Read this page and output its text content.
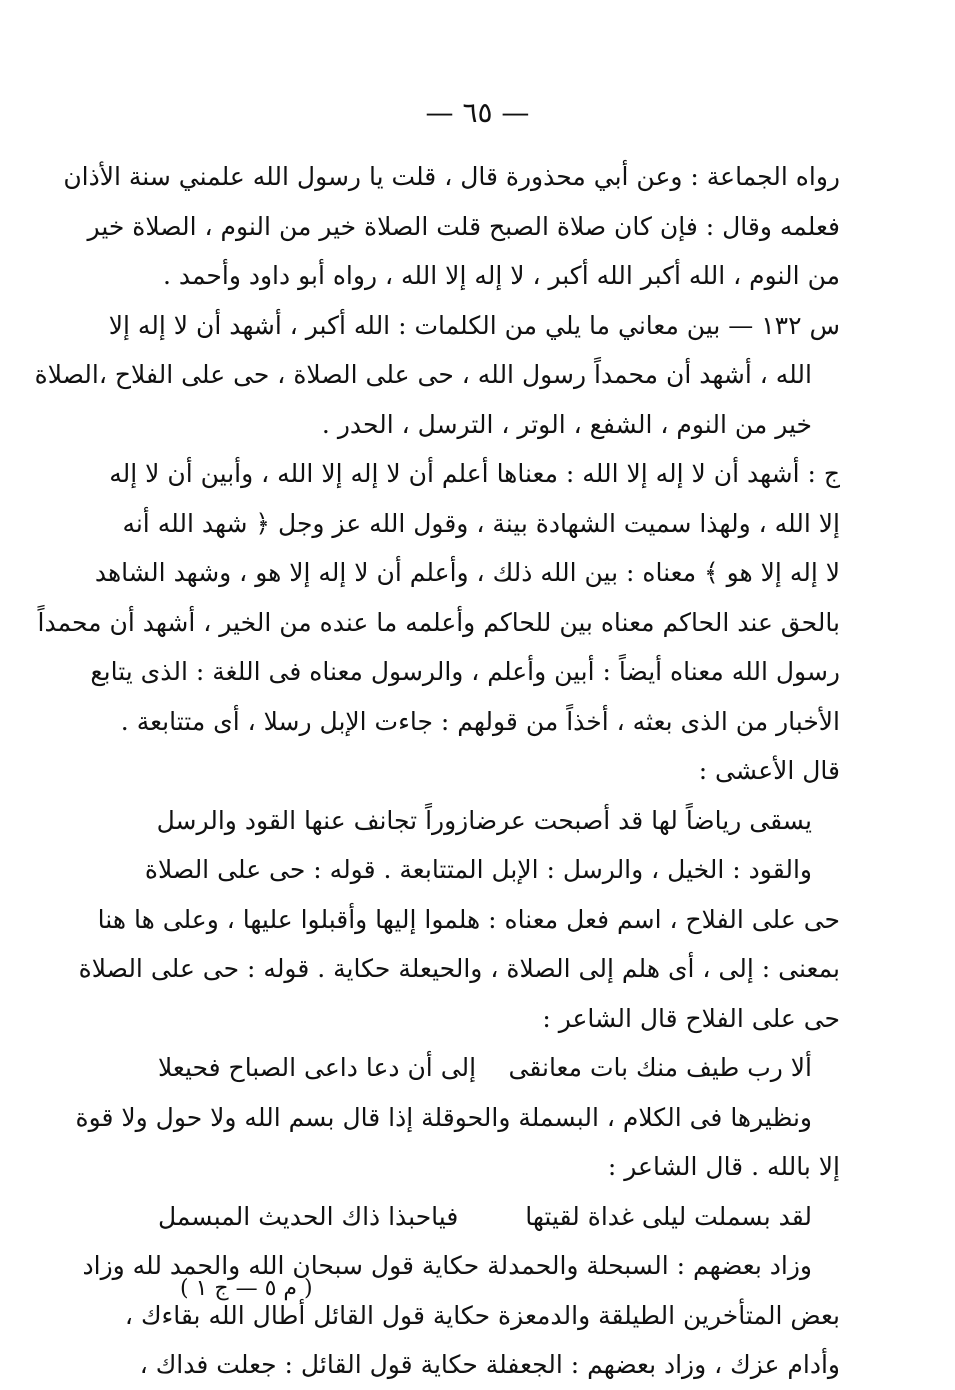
— ٦٥ —
رواه الجماعة : وعن أبي محذورة قال ، قلت يا رسول الله علمني سنة الأذان
فعلمه وقال : فإن كان صلاة الصبح قلت الصلاة خير من النوم ، الصلاة خير
من النوم ، الله أكبر الله أكبر ، لا إله إلا الله ، رواه أبو داود وأحمد .
س ١٣٢ — بين معاني ما يلي من الكلمات : الله أكبر ، أشهد أن لا إله إلا
الله ، أشهد أن محمداً رسول الله ، حى على الصلاة ، حى على الفلاح ،الصلاة
خير من النوم ، الشفع ، الوتر ، الترسل ، الحدر .
ج : أشهد أن لا إله إلا الله : معناها أعلم أن لا إله إلا الله ، وأبين أن لا إله
إلا الله ، ولهذا سميت الشهادة بينة ، وقول الله عز وجل ﴿ شهد الله أنه
لا إله إلا هو ﴾ معناه : بين الله ذلك ، وأعلم أن لا إله إلا هو ، وشهد الشاهد
بالحق عند الحاكم معناه بين للحاكم وأعلمه ما عنده من الخير ، أشهد أن محمداً
رسول الله معناه أيضاً : أبين وأعلم ، والرسول معناه فى اللغة : الذى يتابع
الأخبار من الذى بعثه ، أخذاً من قولهم : جاءت الإبل رسلا ، أى متتابعة .
قال الأعشى :
يسقى رياضاً لها قد أصبحت عرضا
زوراً تجانف عنها القود والرسل
والقود : الخيل ، والرسل : الإبل المتتابعة . قوله : حى على الصلاة
حى على الفلاح ، اسم فعل معناه : هلموا إليها وأقبلوا عليها ، وعلى ها هنا
بمعنى : إلى ، أى هلم إلى الصلاة ، والحيعلة حكاية . قوله : حى على الصلاة
حى على الفلاح قال الشاعر :
ألا رب طيف منك بات معانقى
إلى أن دعا داعى الصباح فحيعلا
ونظيرها فى الكلام ، البسملة والحوقلة إذا قال بسم الله ولا حول ولا قوة
إلا بالله . قال الشاعر :
لقد بسملت ليلى غداة لقيتها
فياحبذا ذاك الحديث المبسمل
وزاد بعضهم : السبحلة والحمدلة حكاية قول سبحان الله والحمد لله وزاد
بعض المتأخرين الطيلقة والدمعزة حكاية قول القائل أطال الله بقاءك ،
وأدام عزك ، وزاد بعضهم : الجعفلة حكاية قول القائل : جعلت فداك ،
( م ٥ — ج ١ )
